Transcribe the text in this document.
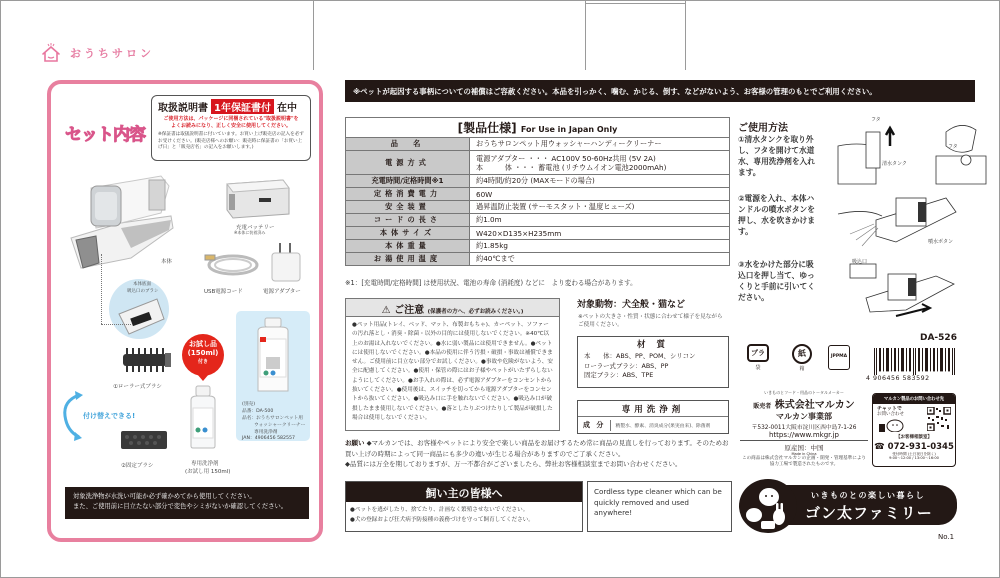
おうちサロン
セット内容
取扱説明書 1年保証書付 在中
ご使用方法は、パッケージに同梱されている"取扱説明書"を
よくお読みになり、正しく安全に使用してください。
※保証書は取扱説明書に付いています。お買い上げ販売店の記入を必ずお受けください。(販売店様へのお願い：販売時に保証書の「お買い上げ日」と「販売店名」の記入をお願いします。)
本体
充電バッテリー
※本体に装着済み
USB電源コード	電源アダプター
本体底面
吸込口のブラシ
①ローラー式ブラシ
付け替えできる!
②固定ブラシ
お試し品
(150ml)
付き
専用洗浄剤
(お試し用 150ml)
(別売)
品番：DA-500
品名：おうちサロンペット用
ウォッシャークリーナー
専用洗浄剤
JAN：4906456 582557
対象洗浄物が水洗い可能か必ず確かめてから使用してください。
また、ご使用前に目立たない部分で変色やシミがないか確認してください。
※ペットが起因する事柄についての補償はご容赦ください。本品を引っかく、噛む、かじる、倒す、などがないよう、お客様の管理のもとでご利用ください。
[製品仕様] For Use in Japan Only	
品　名	おうちサロンペット用ウォッシャーハンディークリーナー
電源方式	電源アダプター ・・・ AC100V 50-60Hz共用 (5V 2A)
本　　　体 ・・・ 蓄電池 (リチウムイオン電池2000mAh)

充電時間/定格時間※1	約4時間/約20分 (MAXモードの場合)
定格消費電力	60W
安全装置	過昇温防止装置 (サーモスタット・温度ヒューズ)
コードの長さ	約1.0m
本体サイズ	W420×D135×H235mm
本体重量	約1.85kg
お湯使用温度	約40℃まで
※1：[充電時間/定格時間] は使用状況、電池の寿命 (消耗度) などに　より変わる場合があります。
⚠ ご注意 (保護者の方へ、必ずお読みください。)
●ペット用品(トレイ、ベッド、マット、布製おもちゃ)、カーペット、ソファーの汚れ落とし・消臭・除菌・以外の目的には使用しないでください。※40℃以上のお湯は入れないでください。●水に弱い製品には使用できません。●ペットには使用しないでください。●本品の使用に伴う汚損・破損・事故は補償できません。ご使用前に目立ない部分でお試しください。●事故や危険がないよう、安全に配慮してください。●使用・保管の際にはお子様やペットがいたずらしないようにしてください。●お手入れの際は、必ず電源アダプターをコンセントから抜いてください。●使用後は、スイッチを切ってから電源アダプターをコンセントから抜いてください。●吸込み口に手を触れないでください。●吸込み口が破損したまま使用しないでください。●落としたりぶつけたりして製品が破損した場合は使用しないでください。
対象動物：犬全般・猫など
※ペットの大きさ・性質・状態に合わせて様子を見ながらご使用ください。
材 質
本　　体：ABS、PP、POM、シリコン
ローラー式ブラシ：ABS、PP
固定ブラシ：ABS、TPE
専用洗浄剤
成 分	精製水、酵素、消臭成分(果実由来)、除菌剤
お願い ◆マルカンでは、お客様やペットにより安全で楽しい商品をお届けするため常に商品の見直しを行っております。そのためお買い上げの時期によって同一商品にも多少の違いが生じる場合がありますのでご了承ください。
◆品質には万全を期しておりますが、万一不都合がございましたら、弊社お客様相談室までお問い合わせください。
飼い主の皆様へ
●ペットを逃がしたり、捨てたり、計画なく繁殖させないでください。
●犬の登録および狂犬病予防接種の義務づけを守って飼育してください。
Cordless type cleaner which can be quickly removed and used anywhere!
ご使用方法
①清水タンクを取り外し、フタを開けて水道水、専用洗浄剤を入れます。
②電源を入れ、本体ハンドルの噴水ボタンを押し、水を吹きかけます。
③水をかけた部分に吸込口を押し当て、ゆっくりと手前に引いてください。
フタ
清水タンク
フタ
噴水ボタン
吸込口
DA-526
プラ
袋
紙
箱
JPPMA
4 906456 583592
いきものとフード・用品のトータルメーカー
販売者 株式会社マルカン
マルカン事業部
〒532-0011大阪市淀川区西中島7-1-26
https://www.mkgr.jp
原産国：中国
Made in China
この商品は株式会社マルカンの企画・開発・管理基準により協力工場で製造されたものです。
マルカン製品のお問い合わせ先
チャットで
お問い合わせ
【お客様相談室】
☎ 072-931-0345
受付時間 (土日祝日を除く)
9:00～12:00 / 13:00～16:00
いきものとの楽しい暮らし
ゴン太ファミリー
No.1
